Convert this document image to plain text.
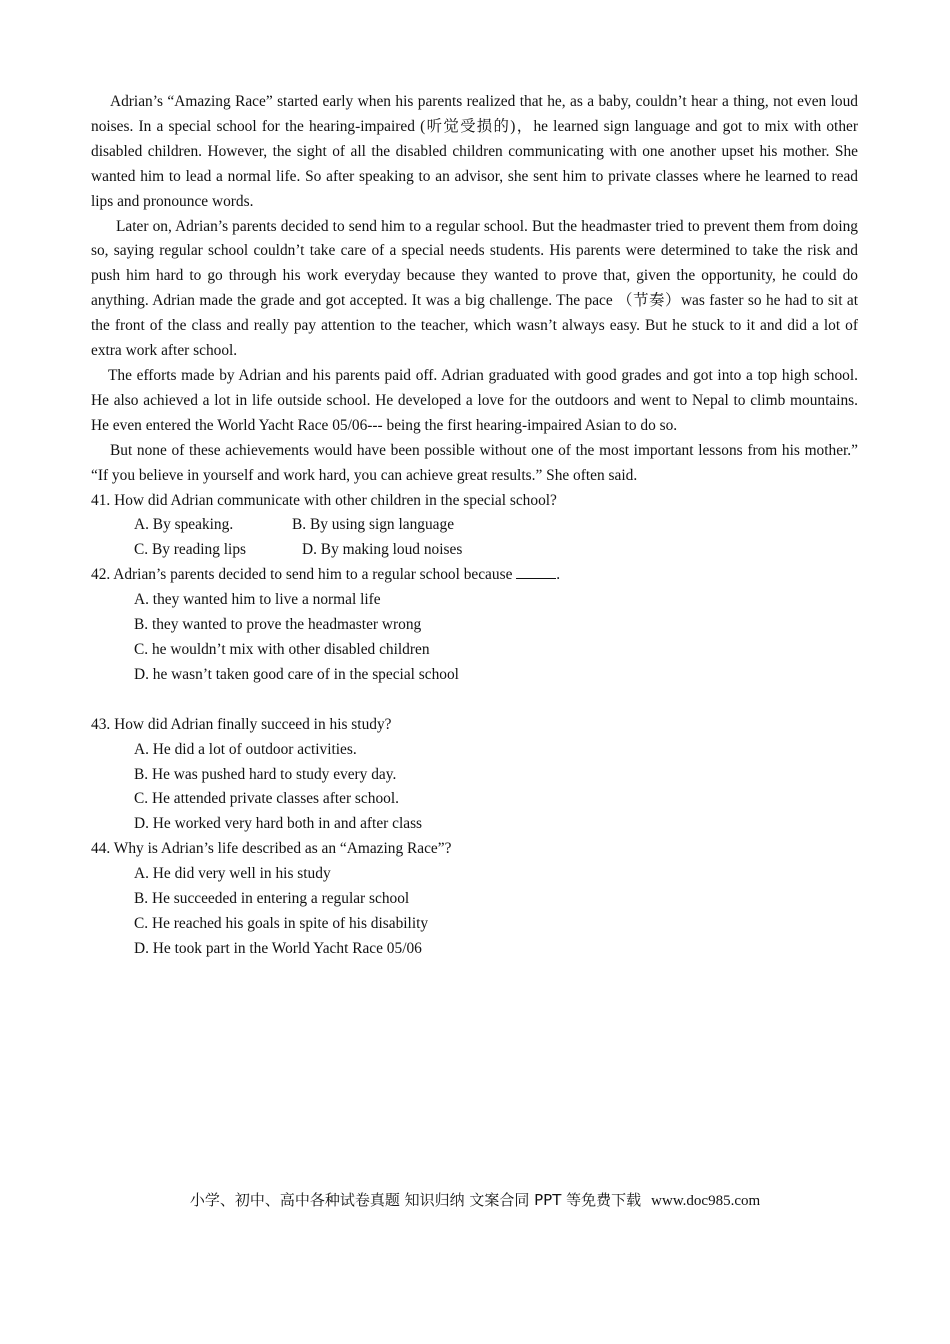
Adrian’s “Amazing Race” started early when his parents realized that he, as a baby, couldn’t hear a thing, not even loud noises. In a special school for the hearing-impaired (听觉受损的)，he learned sign language and got to mix with other disabled children. However, the sight of all the disabled children communicating with one another upset his mother. She wanted him to lead a normal life. So after speaking to an advisor, she sent him to private classes where he learned to read lips and pronounce words.

Later on, Adrian’s parents decided to send him to a regular school. But the headmaster tried to prevent them from doing so, saying regular school couldn’t take care of a special needs students. His parents were determined to take the risk and push him hard to go through his work everyday because they wanted to prove that, given the opportunity, he could do anything. Adrian made the grade and got accepted. It was a big challenge. The pace （节奏）was faster so he had to sit at the front of the class and really pay attention to the teacher, which wasn’t always easy. But he stuck to it and did a lot of extra work after school.

The efforts made by Adrian and his parents paid off. Adrian graduated with good grades and got into a top high school. He also achieved a lot in life outside school. He developed a love for the outdoors and went to Nepal to climb mountains. He even entered the World Yacht Race 05/06--- being the first hearing-impaired Asian to do so.

But none of these achievements would have been possible without one of the most important lessons from his mother.” “If you believe in yourself and work hard, you can achieve great results.” She often said.

41. How did Adrian communicate with other children in the special school?

A. By speaking.	B. By using sign language

C. By reading lips	D. By making loud noises

42. Adrian’s parents decided to send him to a regular school because	.

A. they wanted him to live a normal life

B. they wanted to prove the headmaster wrong

C. he wouldn’t mix with other disabled children

D. he wasn’t taken good care of in the special school

43. How did Adrian finally succeed in his study?

A. He did a lot of outdoor activities.

B. He was pushed hard to study every day.

C. He attended private classes after school.

D. He worked very hard both in and after class

44. Why is Adrian’s life described as an “Amazing Race”?

A. He did very well in his study

B. He succeeded in entering a regular school

C. He reached his goals in spite of his disability

D. He took part in the World Yacht Race 05/06

小学、初中、高中各种试卷真题 知识归纳 文案合同 PPT 等免费下载 www.doc985.com
